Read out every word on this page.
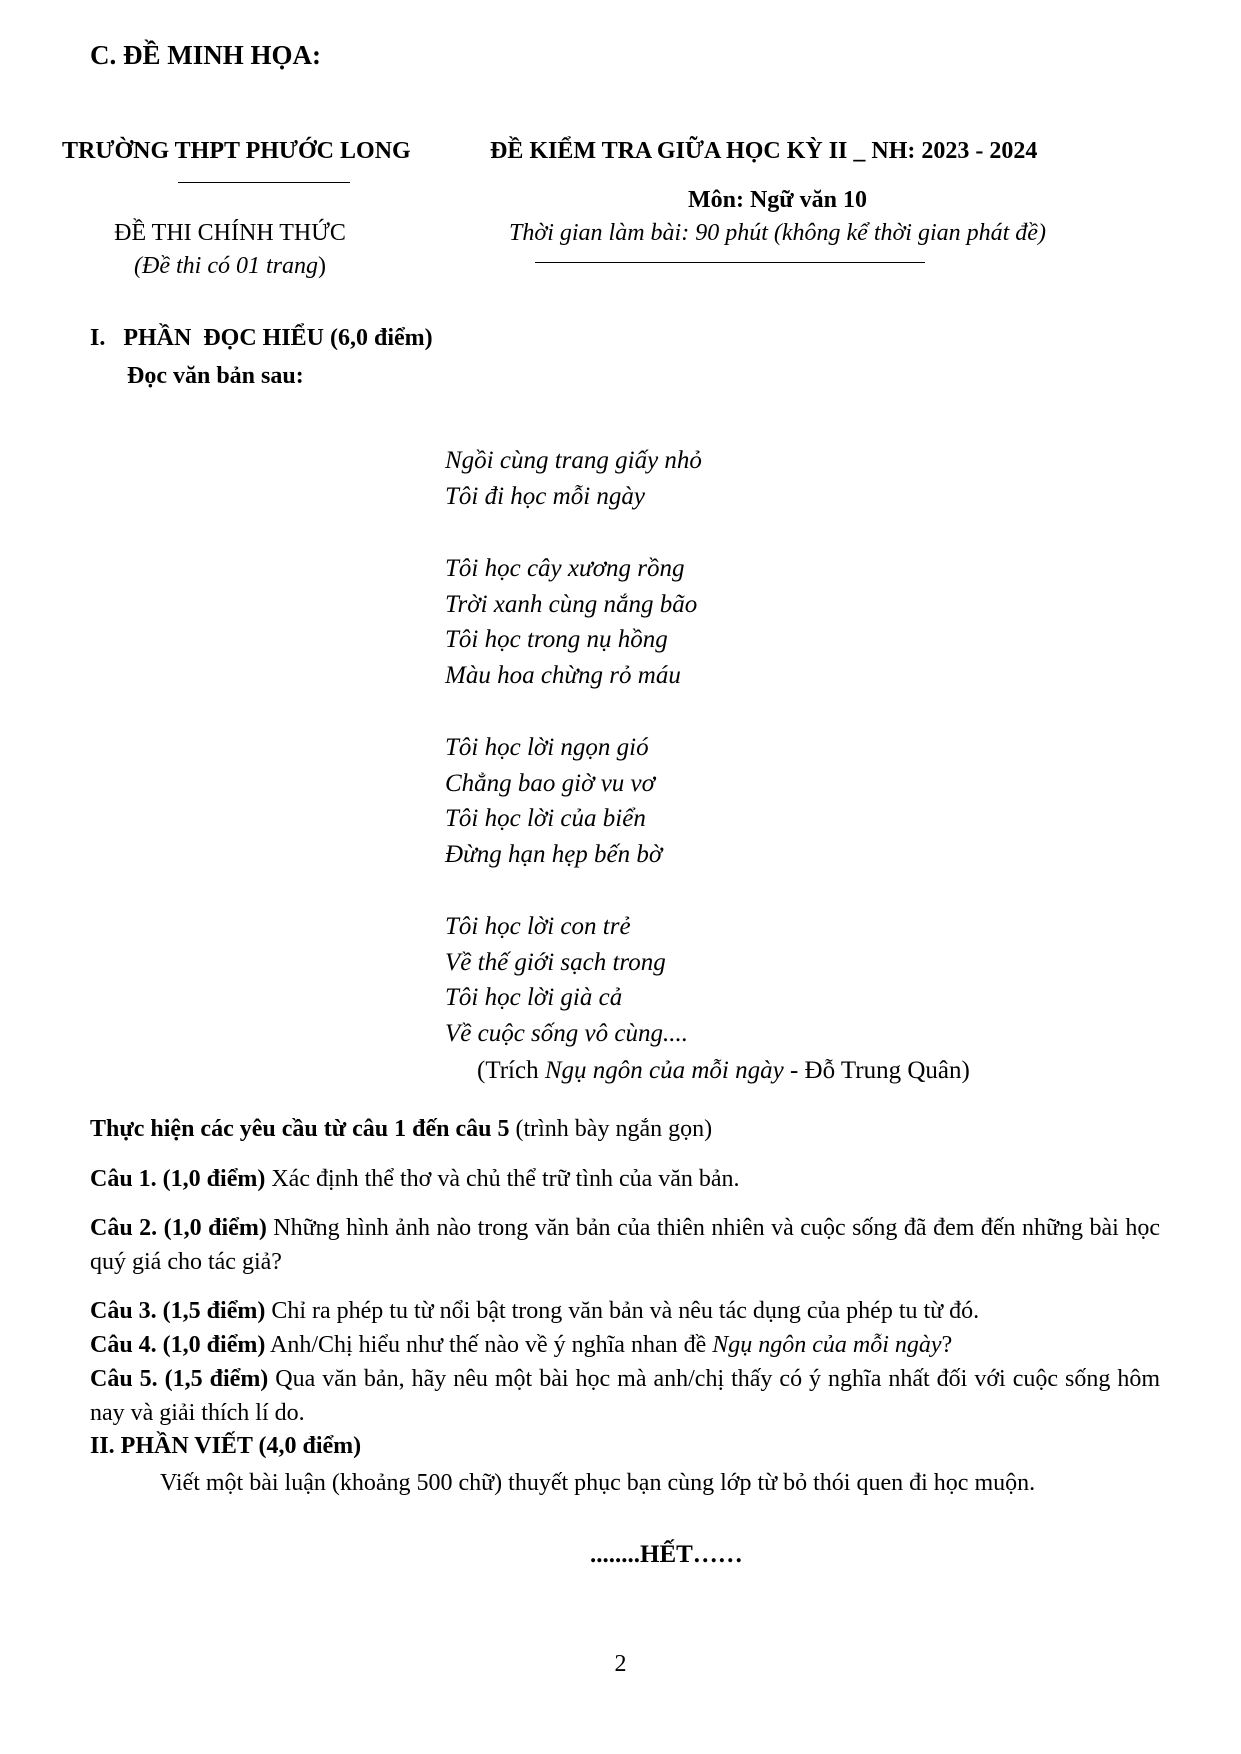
C. ĐỀ MINH HỌA:
TRƯỜNG THPT PHƯỚC LONG
ĐỀ THI CHÍNH THỨC
(Đề thi có 01 trang)
ĐỀ KIỂM TRA GIỮA HỌC KỲ II _ NH: 2023 - 2024
Môn: Ngữ văn 10
Thời gian làm bài: 90 phút (không kể thời gian phát đề)
I.   PHẦN  ĐỌC HIỂU (6,0 điểm)
Đọc văn bản sau:
Ngồi cùng trang giấy nhỏ
Tôi đi học mỗi ngày
Tôi học cây xương rồng
Trời xanh cùng nắng bão
Tôi học trong nụ hồng
Màu hoa chừng rỏ máu
Tôi học lời ngọn gió
Chẳng bao giờ vu vơ
Tôi học lời của biển
Đừng hạn hẹp bến bờ
Tôi học lời con trẻ
Về thế giới sạch trong
Tôi học lời già cả
Về cuộc sống vô cùng....
(Trích Ngụ ngôn của mỗi ngày - Đỗ Trung Quân)
Thực hiện các yêu cầu từ câu 1 đến câu 5 (trình bày ngắn gọn)
Câu 1. (1,0 điểm) Xác định thể thơ và chủ thể trữ tình của văn bản.
Câu 2. (1,0 điểm) Những hình ảnh nào trong văn bản của thiên nhiên và cuộc sống đã đem đến những bài học quý giá cho tác giả?
Câu 3. (1,5 điểm) Chỉ ra phép tu từ nổi bật trong văn bản và nêu tác dụng của phép tu từ đó.
Câu 4. (1,0 điểm) Anh/Chị hiểu như thế nào về ý nghĩa nhan đề Ngụ ngôn của mỗi ngày?
Câu 5. (1,5 điểm) Qua văn bản, hãy nêu một bài học mà anh/chị thấy có ý nghĩa nhất đối với cuộc sống hôm nay và giải thích lí do.
II. PHẦN VIẾT (4,0 điểm)
Viết một bài luận (khoảng 500 chữ) thuyết phục bạn cùng lớp từ bỏ thói quen đi học muộn.
........HẾT……
2
